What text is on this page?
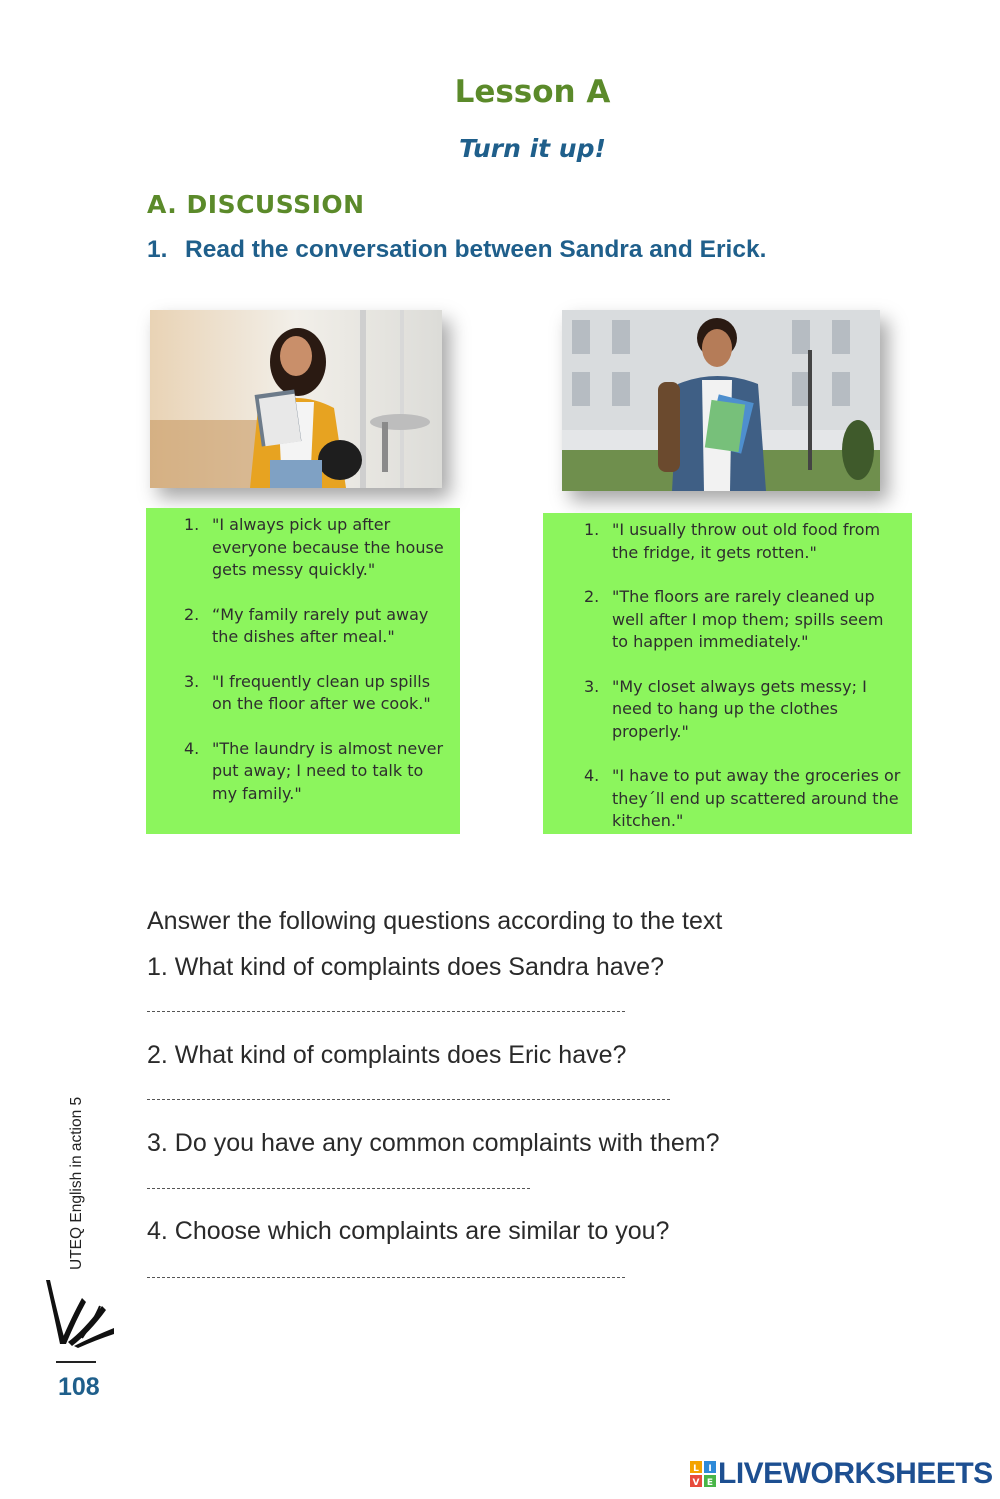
Lesson A
Turn it up!
A. DISCUSSION
1. Read the conversation between Sandra and Erick.
1. "I always pick up after everyone because the house gets messy quickly."
2. “My family rarely put away the dishes after meal."
3. "I frequently clean up spills on the floor after we cook."
4. "The laundry is almost never put away; I need to talk to my family."
1. "I usually throw out old food from the fridge, it gets rotten."
2. "The floors are rarely cleaned up well after I mop them; spills seem to happen immediately."
3. "My closet always gets messy; I need to hang up the clothes properly."
4. "I have to put away the groceries or they´ll end up scattered around the kitchen."
Answer the following questions according to the text
1. What kind of complaints does Sandra have?
2. What kind of complaints does Eric have?
3. Do you have any common complaints with them?
4. Choose which complaints are similar to you?
UTEQ English in action 5
108
L I
V E LIVEWORKSHEETS
